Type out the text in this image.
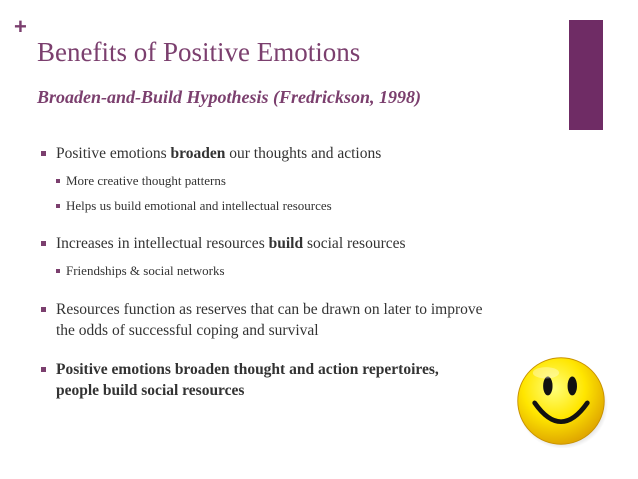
+
Benefits of Positive Emotions
Broaden-and-Build Hypothesis (Fredrickson, 1998)
Positive emotions broaden our thoughts and actions
More creative thought patterns
Helps us build emotional and intellectual resources
Increases in intellectual resources build social resources
Friendships & social networks
Resources function as reserves that can be drawn on later to improve
the odds of successful coping and survival
Positive emotions broaden thought and action repertoires,
people build social resources
